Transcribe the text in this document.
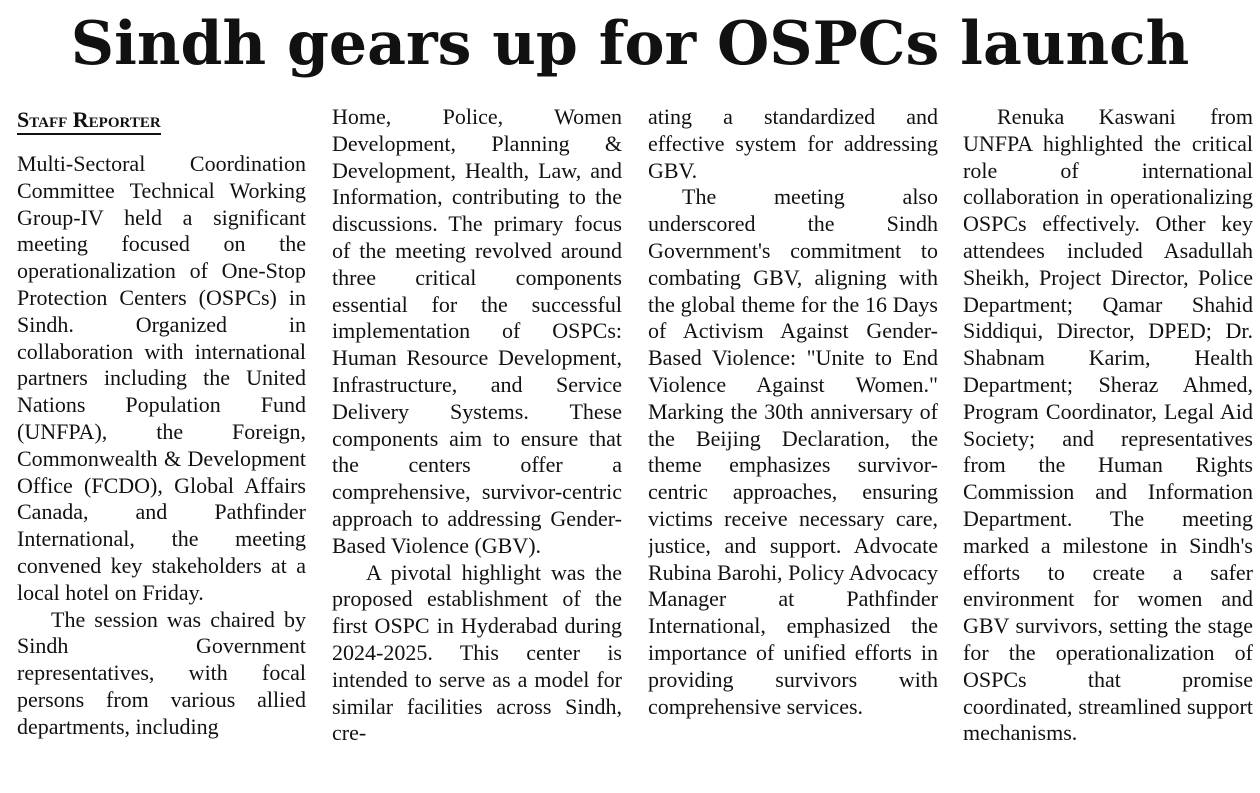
Sindh gears up for OSPCs launch
Staff Reporter

Multi-Sectoral Coordination Committee Technical Working Group-IV held a significant meeting focused on the operationalization of One-Stop Protection Centers (OSPCs) in Sindh. Organized in collaboration with international partners including the United Nations Population Fund (UNFPA), the Foreign, Commonwealth & Development Office (FCDO), Global Affairs Canada, and Pathfinder International, the meeting convened key stakeholders at a local hotel on Friday.

The session was chaired by Sindh Government representatives, with focal persons from various allied departments, including

Home, Police, Women Development, Planning & Development, Health, Law, and Information, contributing to the discussions. The primary focus of the meeting revolved around three critical components essential for the successful implementation of OSPCs: Human Resource Development, Infrastructure, and Service Delivery Systems. These components aim to ensure that the centers offer a comprehensive, survivor-centric approach to addressing Gender-Based Violence (GBV).

A pivotal highlight was the proposed establishment of the first OSPC in Hyderabad during 2024-2025. This center is intended to serve as a model for similar facilities across Sindh, cre-

ating a standardized and effective system for addressing GBV.

The meeting also underscored the Sindh Government's commitment to combating GBV, aligning with the global theme for the 16 Days of Activism Against Gender-Based Violence: "Unite to End Violence Against Women." Marking the 30th anniversary of the Beijing Declaration, the theme emphasizes survivor-centric approaches, ensuring victims receive necessary care, justice, and support. Advocate Rubina Barohi, Policy Advocacy Manager at Pathfinder International, emphasized the importance of unified efforts in providing survivors with comprehensive services.

Renuka Kaswani from UNFPA highlighted the critical role of international collaboration in operationalizing OSPCs effectively. Other key attendees included Asadullah Sheikh, Project Director, Police Department; Qamar Shahid Siddiqui, Director, DPED; Dr. Shabnam Karim, Health Department; Sheraz Ahmed, Program Coordinator, Legal Aid Society; and representatives from the Human Rights Commission and Information Department. The meeting marked a milestone in Sindh's efforts to create a safer environment for women and GBV survivors, setting the stage for the operationalization of OSPCs that promise coordinated, streamlined support mechanisms.
